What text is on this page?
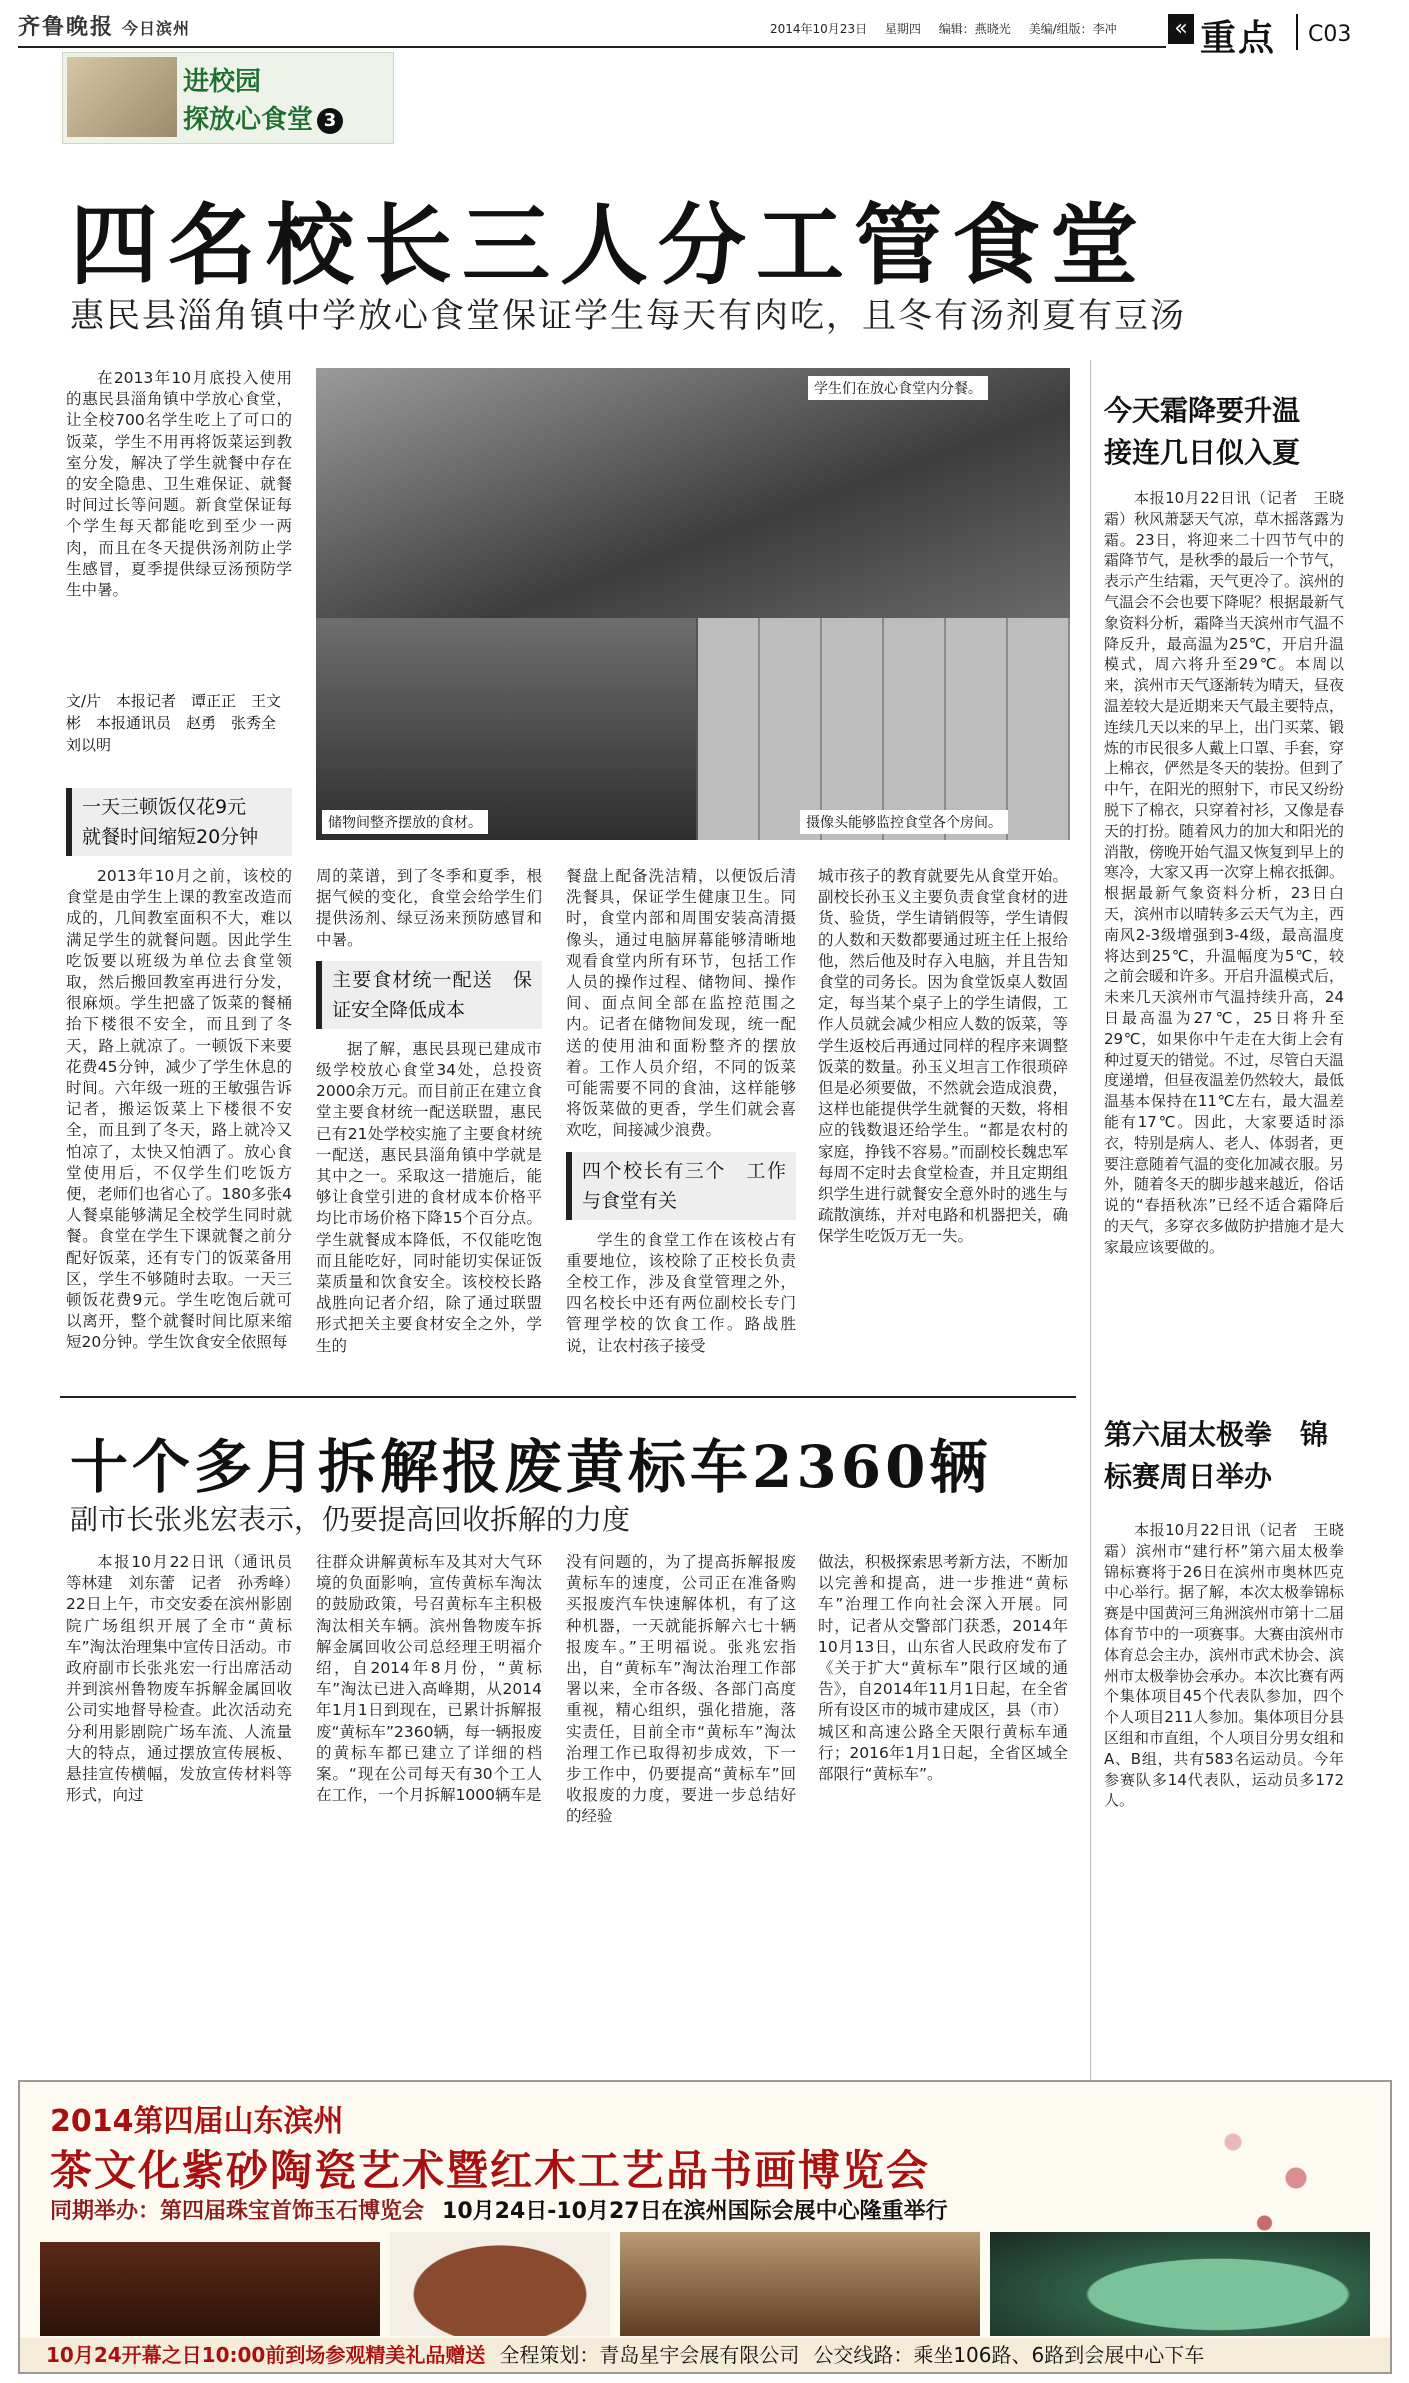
齐鲁晚报 今日滨州	2014年10月23日 星期四 编辑：燕晓光 美编/组版：李冲	« 重点 C03
进校园
探放心食堂 3
四名校长三人分工管食堂
惠民县淄角镇中学放心食堂保证学生每天有肉吃，且冬有汤剂夏有豆汤

在2013年10月底投入使用的惠民县淄角镇中学放心食堂，让全校700名学生吃上了可口的饭菜，学生不用再将饭菜运到教室分发，解决了学生就餐中存在的安全隐患、卫生难保证、就餐时间过长等问题。新食堂保证每个学生每天都能吃到至少一两肉，而且在冬天提供汤剂防止学生感冒，夏季提供绿豆汤预防学生中暑。

文/片　本报记者　谭正正　王文彬　本报通讯员　赵勇　张秀全　刘以明
学生们在放心食堂内分餐。
储物间整齐摆放的食材。	摄像头能够监控食堂各个房间。
一天三顿饭仅花9元　就餐时间缩短20分钟

2013年10月之前，该校的食堂是由学生上课的教室改造而成的，几间教室面积不大，难以满足学生的就餐问题。因此学生吃饭要以班级为单位去食堂领取，然后搬回教室再进行分发，很麻烦。学生把盛了饭菜的餐桶抬下楼很不安全，而且到了冬天，路上就凉了。一顿饭下来要花费45分钟，减少了学生休息的时间。六年级一班的王敏强告诉记者，搬运饭菜上下楼很不安全，而且到了冬天，路上就冷又怕凉了，太快又怕洒了。放心食堂使用后，不仅学生们吃饭方便，老师们也省心了。180多张4人餐桌能够满足全校学生同时就餐。食堂在学生下课就餐之前分配好饭菜，还有专门的饭菜备用区，学生不够随时去取。一天三顿饭花费9元。学生吃饱后就可以离开，整个就餐时间比原来缩短20分钟。学生饮食安全依照每

周的菜谱，到了冬季和夏季，根据气候的变化，食堂会给学生们提供汤剂、绿豆汤来预防感冒和中暑。

主要食材统一配送　保证安全降低成本

据了解，惠民县现已建成市级学校放心食堂34处，总投资2000余万元。而目前正在建立食堂主要食材统一配送联盟，惠民已有21处学校实施了主要食材统一配送，惠民县淄角镇中学就是其中之一。采取这一措施后，能够让食堂引进的食材成本价格平均比市场价格下降15个百分点。学生就餐成本降低，不仅能吃饱而且能吃好，同时能切实保证饭菜质量和饮食安全。该校校长路战胜向记者介绍，除了通过联盟形式把关主要食材安全之外，学生的

餐盘上配备洗洁精，以便饭后清洗餐具，保证学生健康卫生。同时，食堂内部和周围安装高清摄像头，通过电脑屏幕能够清晰地观看食堂内所有环节，包括工作人员的操作过程、储物间、操作间、面点间全部在监控范围之内。记者在储物间发现，统一配送的使用油和面粉整齐的摆放着。工作人员介绍，不同的饭菜可能需要不同的食油，这样能够将饭菜做的更香，学生们就会喜欢吃，间接减少浪费。

四个校长有三个　工作与食堂有关

学生的食堂工作在该校占有重要地位，该校除了正校长负责全校工作，涉及食堂管理之外，四名校长中还有两位副校长专门管理学校的饮食工作。路战胜说，让农村孩子接受

城市孩子的教育就要先从食堂开始。副校长孙玉义主要负责食堂食材的进货、验货，学生请销假等，学生请假的人数和天数都要通过班主任上报给他，然后他及时存入电脑，并且告知食堂的司务长。因为食堂饭桌人数固定，每当某个桌子上的学生请假，工作人员就会减少相应人数的饭菜，等学生返校后再通过同样的程序来调整饭菜的数量。孙玉义坦言工作很琐碎但是必须要做，不然就会造成浪费，这样也能提供学生就餐的天数，将相应的钱数退还给学生。“都是农村的家庭，挣钱不容易。”而副校长魏忠军每周不定时去食堂检查，并且定期组织学生进行就餐安全意外时的逃生与疏散演练，并对电路和机器把关，确保学生吃饭万无一失。

今天霜降要升温　接连几日似入夏

本报10月22日讯（记者　王晓霜）秋风萧瑟天气凉，草木摇落露为霜。23日，将迎来二十四节气中的霜降节气，是秋季的最后一个节气，表示产生结霜，天气更冷了。滨州的气温会不会也要下降呢？根据最新气象资料分析，霜降当天滨州市气温不降反升，最高温为25℃，开启升温模式，周六将升至29℃。本周以来，滨州市天气逐渐转为晴天，昼夜温差较大是近期来天气最主要特点，连续几天以来的早上，出门买菜、锻炼的市民很多人戴上口罩、手套，穿上棉衣，俨然是冬天的装扮。但到了中午，在阳光的照射下，市民又纷纷脱下了棉衣，只穿着衬衫，又像是春天的打扮。随着风力的加大和阳光的消散，傍晚开始气温又恢复到早上的寒冷，大家又再一次穿上棉衣抵御。根据最新气象资料分析，23日白天，滨州市以晴转多云天气为主，西南风2-3级增强到3-4级，最高温度将达到25℃，升温幅度为5℃，较之前会暖和许多。开启升温模式后，未来几天滨州市气温持续升高，24日最高温为27℃，25日将升至29℃，如果你中午走在大街上会有种过夏天的错觉。不过，尽管白天温度递增，但昼夜温差仍然较大，最低温基本保持在11℃左右，最大温差能有17℃。因此，大家要适时添衣，特别是病人、老人、体弱者，更要注意随着气温的变化加减衣服。另外，随着冬天的脚步越来越近，俗话说的“春捂秋冻”已经不适合霜降后的天气，多穿衣多做防护措施才是大家最应该要做的。

第六届太极拳　锦标赛周日举办

本报10月22日讯（记者　王晓霜）滨州市“建行杯”第六届太极拳锦标赛将于26日在滨州市奥林匹克中心举行。据了解，本次太极拳锦标赛是中国黄河三角洲滨州市第十二届体育节中的一项赛事。大赛由滨州市体育总会主办，滨州市武术协会、滨州市太极拳协会承办。本次比赛有两个集体项目45个代表队参加，四个个人项目211人参加。集体项目分县区组和市直组，个人项目分男女组和A、B组，共有583名运动员。今年参赛队多14代表队，运动员多172人。

十个多月拆解报废黄标车2360辆
副市长张兆宏表示，仍要提高回收拆解的力度

本报10月22日讯（通讯员　等林建　刘东蕾　记者　孙秀峰）22日上午，市交安委在滨州影剧院广场组织开展了全市“黄标车”淘汰治理集中宣传日活动。市政府副市长张兆宏一行出席活动并到滨州鲁物废车拆解金属回收公司实地督导检查。此次活动充分利用影剧院广场车流、人流量大的特点，通过摆放宣传展板、悬挂宣传横幅，发放宣传材料等形式，向过

往群众讲解黄标车及其对大气环境的负面影响，宣传黄标车淘汰的鼓励政策，号召黄标车主积极淘汰相关车辆。滨州鲁物废车拆解金属回收公司总经理王明福介绍，自2014年8月份，“黄标车”淘汰已进入高峰期，从2014年1月1日到现在，已累计拆解报废“黄标车”2360辆，每一辆报废的黄标车都已建立了详细的档案。“现在公司每天有30个工人在工作，一个月拆解1000辆车是

没有问题的，为了提高拆解报废黄标车的速度，公司正在准备购买报废汽车快速解体机，有了这种机器，一天就能拆解六七十辆报废车。”王明福说。张兆宏指出，自“黄标车”淘汰治理工作部署以来，全市各级、各部门高度重视，精心组织，强化措施，落实责任，目前全市“黄标车”淘汰治理工作已取得初步成效，下一步工作中，仍要提高“黄标车”回收报废的力度，要进一步总结好的经验

做法，积极探索思考新方法，不断加以完善和提高，进一步推进“黄标车”治理工作向社会深入开展。同时，记者从交警部门获悉，2014年10月13日，山东省人民政府发布了《关于扩大“黄标车”限行区域的通告》，自2014年11月1日起，在全省所有设区市的城市建成区，县（市）城区和高速公路全天限行黄标车通行；2016年1月1日起，全省区域全部限行“黄标车”。

2014第四届山东滨州
茶文化紫砂陶瓷艺术暨红木工艺品书画博览会
同期举办：第四届珠宝首饰玉石博览会 10月24日-10月27日在滨州国际会展中心隆重举行
10月24开幕之日10:00前到场参观精美礼品赠送 全程策划：青岛星宇会展有限公司 公交线路：乘坐106路、6路到会展中心下车
